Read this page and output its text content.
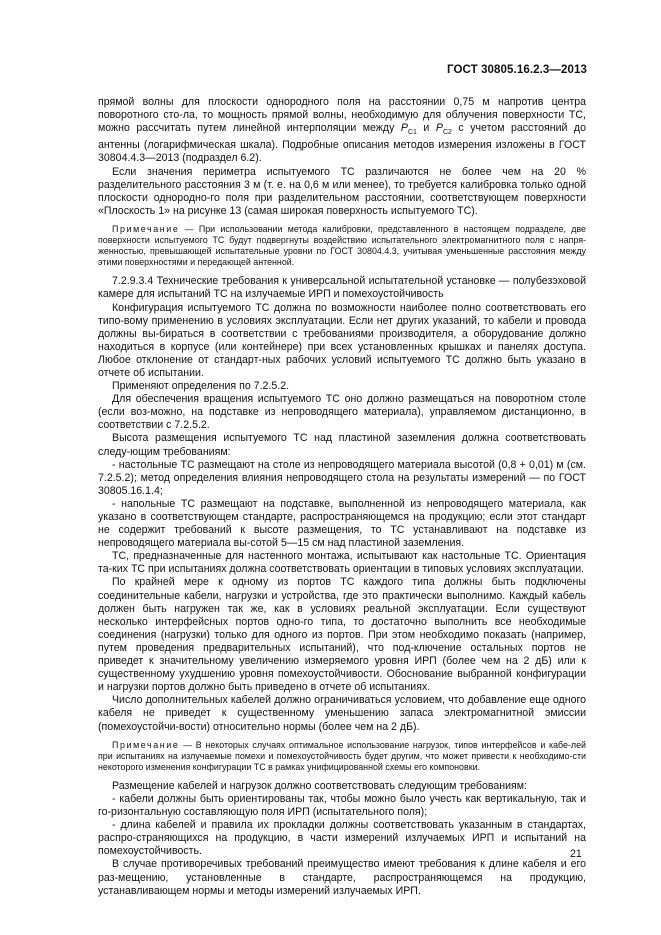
ГОСТ 30805.16.2.3—2013

прямой волны для плоскости однородного поля на расстоянии 0,75 м напротив центра поворотного сто-ла, то мощность прямой волны, необходимую для облучения поверхности ТС, можно рассчитать путем линейной интерполяции между $P_{C1}$ и $P_{C2}$ с учетом расстояний до антенны (логарифмическая шкала). Подробные описания методов измерения изложены в ГОСТ 30804.4.3—2013 (подраздел 6.2).

Если значения периметра испытуемого ТС различаются не более чем на 20 % разделительного расстояния 3 м (т. е. на 0,6 м или менее), то требуется калибровка только одной плоскости однородно-го поля при разделительном расстоянии, соответствующем поверхности «Плоскость 1» на рисунке 13 (самая широкая поверхность испытуемого ТС).

Примечание — При использовании метода калибровки, представленного в настоящем подразделе, две поверхности испытуемого ТС будут подвергнуты воздействию испытательного электромагнитного поля с напря-женностью, превышающей испытательные уровни по ГОСТ 30804.4.3, учитывая уменьшенные расстояния между этими поверхностями и передающей антенной.

7.2.9.3.4 Технические требования к универсальной испытательной установке — полубезэховой камере для испытаний ТС на излучаемые ИРП и помехоустойчивость

Конфигурация испытуемого ТС должна по возможности наиболее полно соответствовать его типо-вому применению в условиях эксплуатации. Если нет других указаний, то кабели и провода должны вы-бираться в соответствии с требованиями производителя, а оборудование должно находиться в корпусе (или контейнере) при всех установленных крышках и панелях доступа. Любое отклонение от стандарт-ных рабочих условий испытуемого ТС должно быть указано в отчете об испытании.

Применяют определения по 7.2.5.2.

Для обеспечения вращения испытуемого ТС оно должно размещаться на поворотном столе (если воз-можно, на подставке из непроводящего материала), управляемом дистанционно, в соответствии с 7.2.5.2.

Высота размещения испытуемого ТС над пластиной заземления должна соответствовать следу-ющим требованиям:

- настольные ТС размещают на столе из непроводящего материала высотой (0,8 + 0,01) м (см. 7.2.5.2); метод определения влияния непроводящего стола на результаты измерений — по ГОСТ 30805.16.1.4;

- напольные ТС размещают на подставке, выполненной из непроводящего материала, как указано в соответствующем стандарте, распространяющемся на продукцию; если этот стандарт не содержит требований к высоте размещения, то ТС устанавливают на подставке из непроводящего материала вы-сотой 5—15 см над пластиной заземления.

ТС, предназначенные для настенного монтажа, испытывают как настольные ТС. Ориентация та-ких ТС при испытаниях должна соответствовать ориентации в типовых условиях эксплуатации.

По крайней мере к одному из портов ТС каждого типа должны быть подключены соединительные кабели, нагрузки и устройства, где это практически выполнимо. Каждый кабель должен быть нагружен так же, как в условиях реальной эксплуатации. Если существуют несколько интерфейсных портов одно-го типа, то достаточно выполнить все необходимые соединения (нагрузки) только для одного из портов. При этом необходимо показать (например, путем проведения предварительных испытаний), что под-ключение остальных портов не приведет к значительному увеличению измеряемого уровня ИРП (более чем на 2 дБ) или к существенному ухудшению уровня помехоустойчивости. Обоснование выбранной конфигурации и нагрузки портов должно быть приведено в отчете об испытаниях.

Число дополнительных кабелей должно ограничиваться условием, что добавление еще одного кабеля не приведет к существенному уменьшению запаса электромагнитной эмиссии (помехоустойчи-вости) относительно нормы (более чем на 2 дБ).

Примечание — В некоторых случаях оптимальное использование нагрузок, типов интерфейсов и кабе-лей при испытаниях на излучаемые помехи и помехоустойчивость будет другим, что может привести к необходимо-сти некоторого изменения конфигурации ТС в рамках унифицированной схемы его компоновки.

Размещение кабелей и нагрузок должно соответствовать следующим требованиям:

- кабели должны быть ориентированы так, чтобы можно было учесть как вертикальную, так и го-ризонтальную составляющую поля ИРП (испытательного поля);

- длина кабелей и правила их прокладки должны соответствовать указанным в стандартах, распро-страняющихся на продукцию, в части измерений излучаемых ИРП и испытаний на помехоустойчивость.

В случае противоречивых требований преимущество имеют требования к длине кабеля и его раз-мещению, установленные в стандарте, распространяющемся на продукцию, устанавливающем нормы и методы измерений излучаемых ИРП.

21
